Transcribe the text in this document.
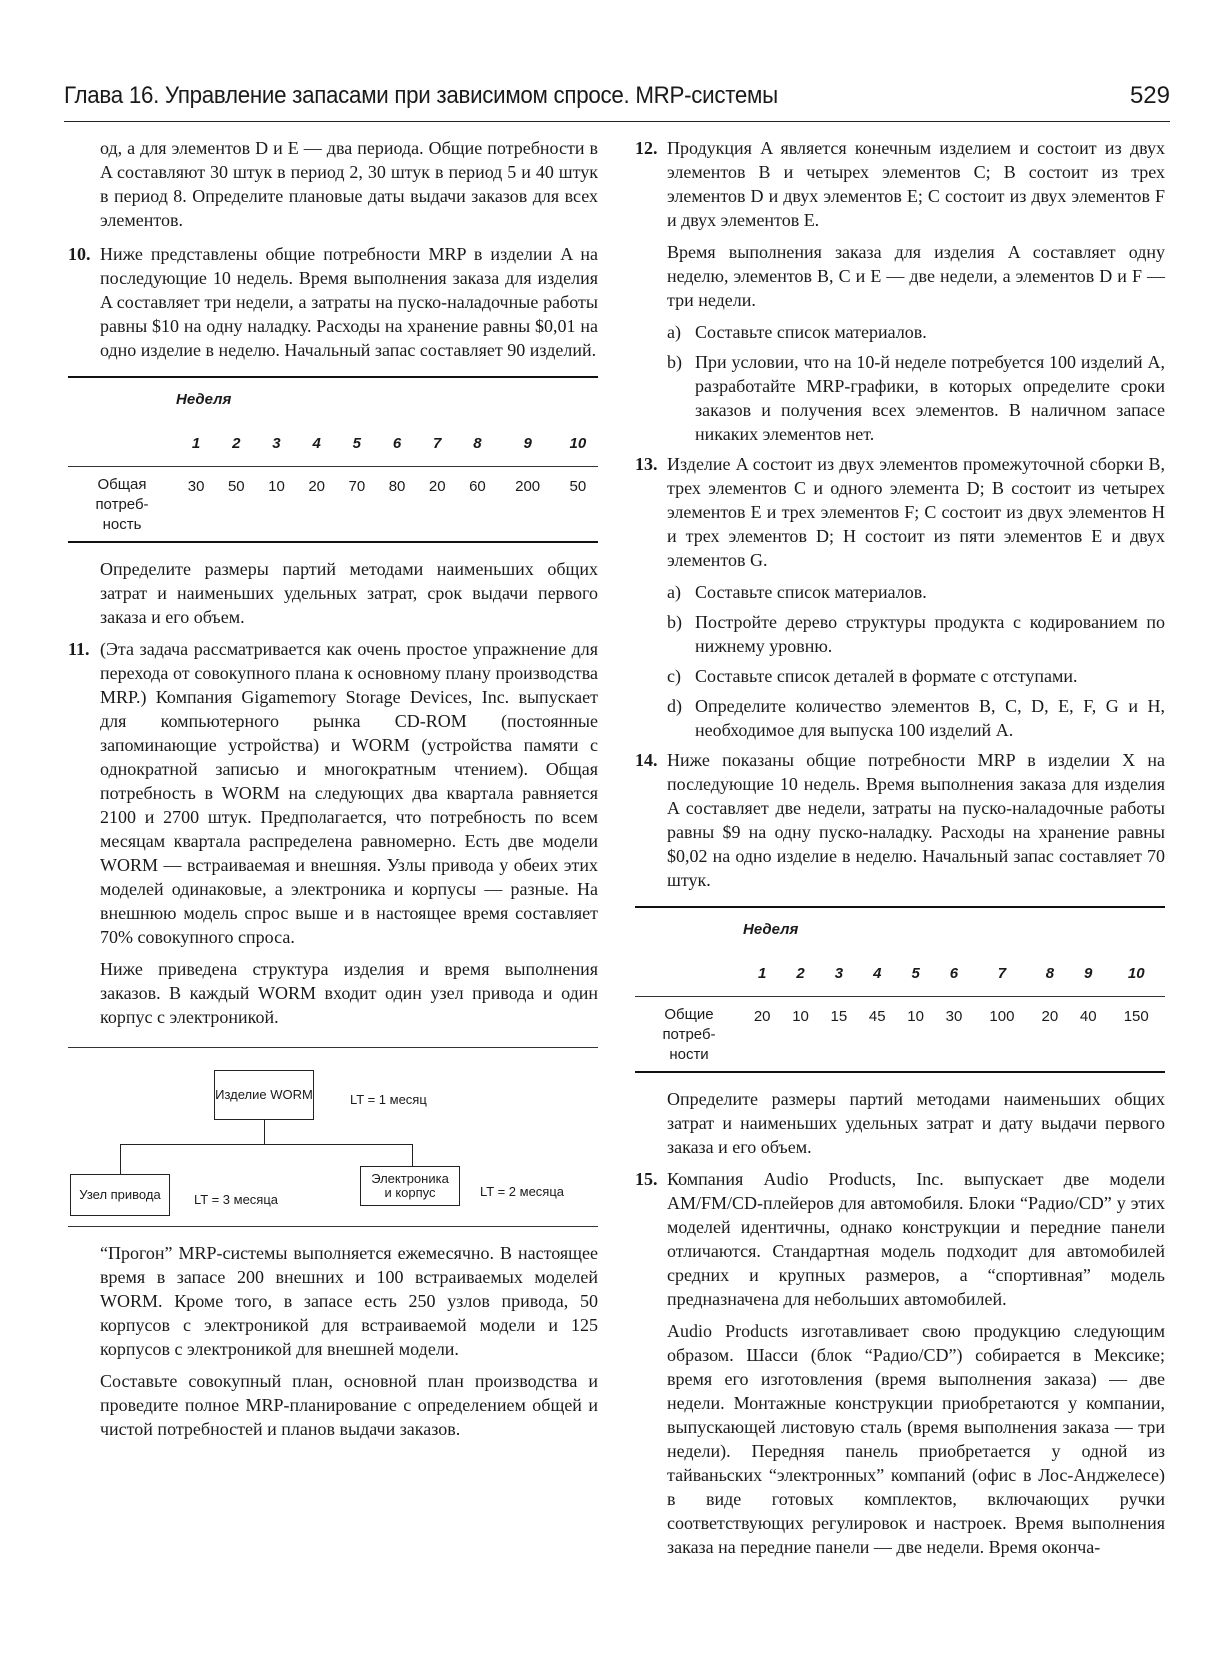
Глава 16. Управление запасами при зависимом спросе. MRP-системы	529

од, а для элементов D и E — два периода. Общие потребности в A составляют 30 штук в период 2, 30 штук в период 5 и 40 штук в период 8. Определите плановые даты выдачи заказов для всех элементов.

10. Ниже представлены общие потребности MRP в изделии A на последующие 10 недель. Время выполнения заказа для изделия A составляет три недели, а затраты на пуско-наладочные работы равны $10 на одну наладку. Расходы на хранение равны $0,01 на одно изделие в неделю. Начальный запас составляет 90 изделий.
	Неделя									
	1	2	3	4	5	6	7	8	9	10

Общая
потреб-
ность	30	50	10	20	70	80	20	60	200	50

Определите размеры партий методами наименьших общих затрат и наименьших удельных затрат, срок выдачи первого заказа и его объем.

11. (Эта задача рассматривается как очень простое упражнение для перехода от совокупного плана к основному плану производства MRP.) Компания Gigamemory Storage Devices, Inc. выпускает для компьютерного рынка CD-ROM (постоянные запоминающие устройства) и WORM (устройства памяти с однократной записью и многократным чтением). Общая потребность в WORM на следующих два квартала равняется 2100 и 2700 штук. Предполагается, что потребность по всем месяцам квартала распределена равномерно. Есть две модели WORM — встраиваемая и внешняя. Узлы привода у обеих этих моделей одинаковые, а электроника и корпусы — разные. На внешнюю модель спрос выше и в настоящее время составляет 70% совокупного спроса.

Ниже приведена структура изделия и время выполнения заказов. В каждый WORM входит один узел привода и один корпус с электроникой.

Изделие WORM	LT = 1 месяц
Узел привода	LT = 3 месяца
Электроника
и корпус	LT = 2 месяца

“Прогон” MRP-системы выполняется ежемесячно. В настоящее время в запасе 200 внешних и 100 встраиваемых моделей WORM. Кроме того, в запасе есть 250 узлов привода, 50 корпусов с электроникой для встраиваемой модели и 125 корпусов с электроникой для внешней модели.

Составьте совокупный план, основной план производства и проведите полное MRP-планирование с определением общей и чистой потребностей и планов выдачи заказов.

12. Продукция A является конечным изделием и состоит из двух элементов B и четырех элементов C; B состоит из трех элементов D и двух элементов E; C состоит из двух элементов F и двух элементов E.

Время выполнения заказа для изделия A составляет одну неделю, элементов B, C и E — две недели, а элементов D и F — три недели.

a) Составьте список материалов.
b) При условии, что на 10-й неделе потребуется 100 изделий A, разработайте MRP-графики, в которых определите сроки заказов и получения всех элементов. В наличном запасе никаких элементов нет.
13. Изделие A состоит из двух элементов промежуточной сборки B, трех элементов C и одного элемента D; B состоит из четырех элементов E и трех элементов F; C состоит из двух элементов H и трех элементов D; H состоит из пяти элементов E и двух элементов G.
a) Составьте список материалов.
b) Постройте дерево структуры продукта с кодированием по нижнему уровню.
c) Составьте список деталей в формате с отступами.
d) Определите количество элементов B, C, D, E, F, G и H, необходимое для выпуска 100 изделий A.
14. Ниже показаны общие потребности MRP в изделии X на последующие 10 недель. Время выполнения заказа для изделия A составляет две недели, затраты на пуско-наладочные работы равны $9 на одну пуско-наладку. Расходы на хранение равны $0,02 на одно изделие в неделю. Начальный запас составляет 70 штук.
	Неделя									
	1	2	3	4	5	6	7	8	9	10

Общие
потреб-
ности	20	10	15	45	10	30	100	20	40	150

Определите размеры партий методами наименьших общих затрат и наименьших удельных затрат и дату выдачи первого заказа и его объем.

15. Компания Audio Products, Inc. выпускает две модели AM/FM/CD-плейеров для автомобиля. Блоки “Радио/CD” у этих моделей идентичны, однако конструкции и передние панели отличаются. Стандартная модель подходит для автомобилей средних и крупных размеров, а “спортивная” модель предназначена для небольших автомобилей.

Audio Products изготавливает свою продукцию следующим образом. Шасси (блок “Радио/CD”) собирается в Мексике; время его изготовления (время выполнения заказа) — две недели. Монтажные конструкции приобретаются у компании, выпускающей листовую сталь (время выполнения заказа — три недели). Передняя панель приобретается у одной из тайваньских “электронных” компаний (офис в Лос-Анджелесе) в виде готовых комплектов, включающих ручки соответствующих регулировок и настроек. Время выполнения заказа на передние панели — две недели. Время оконча-
